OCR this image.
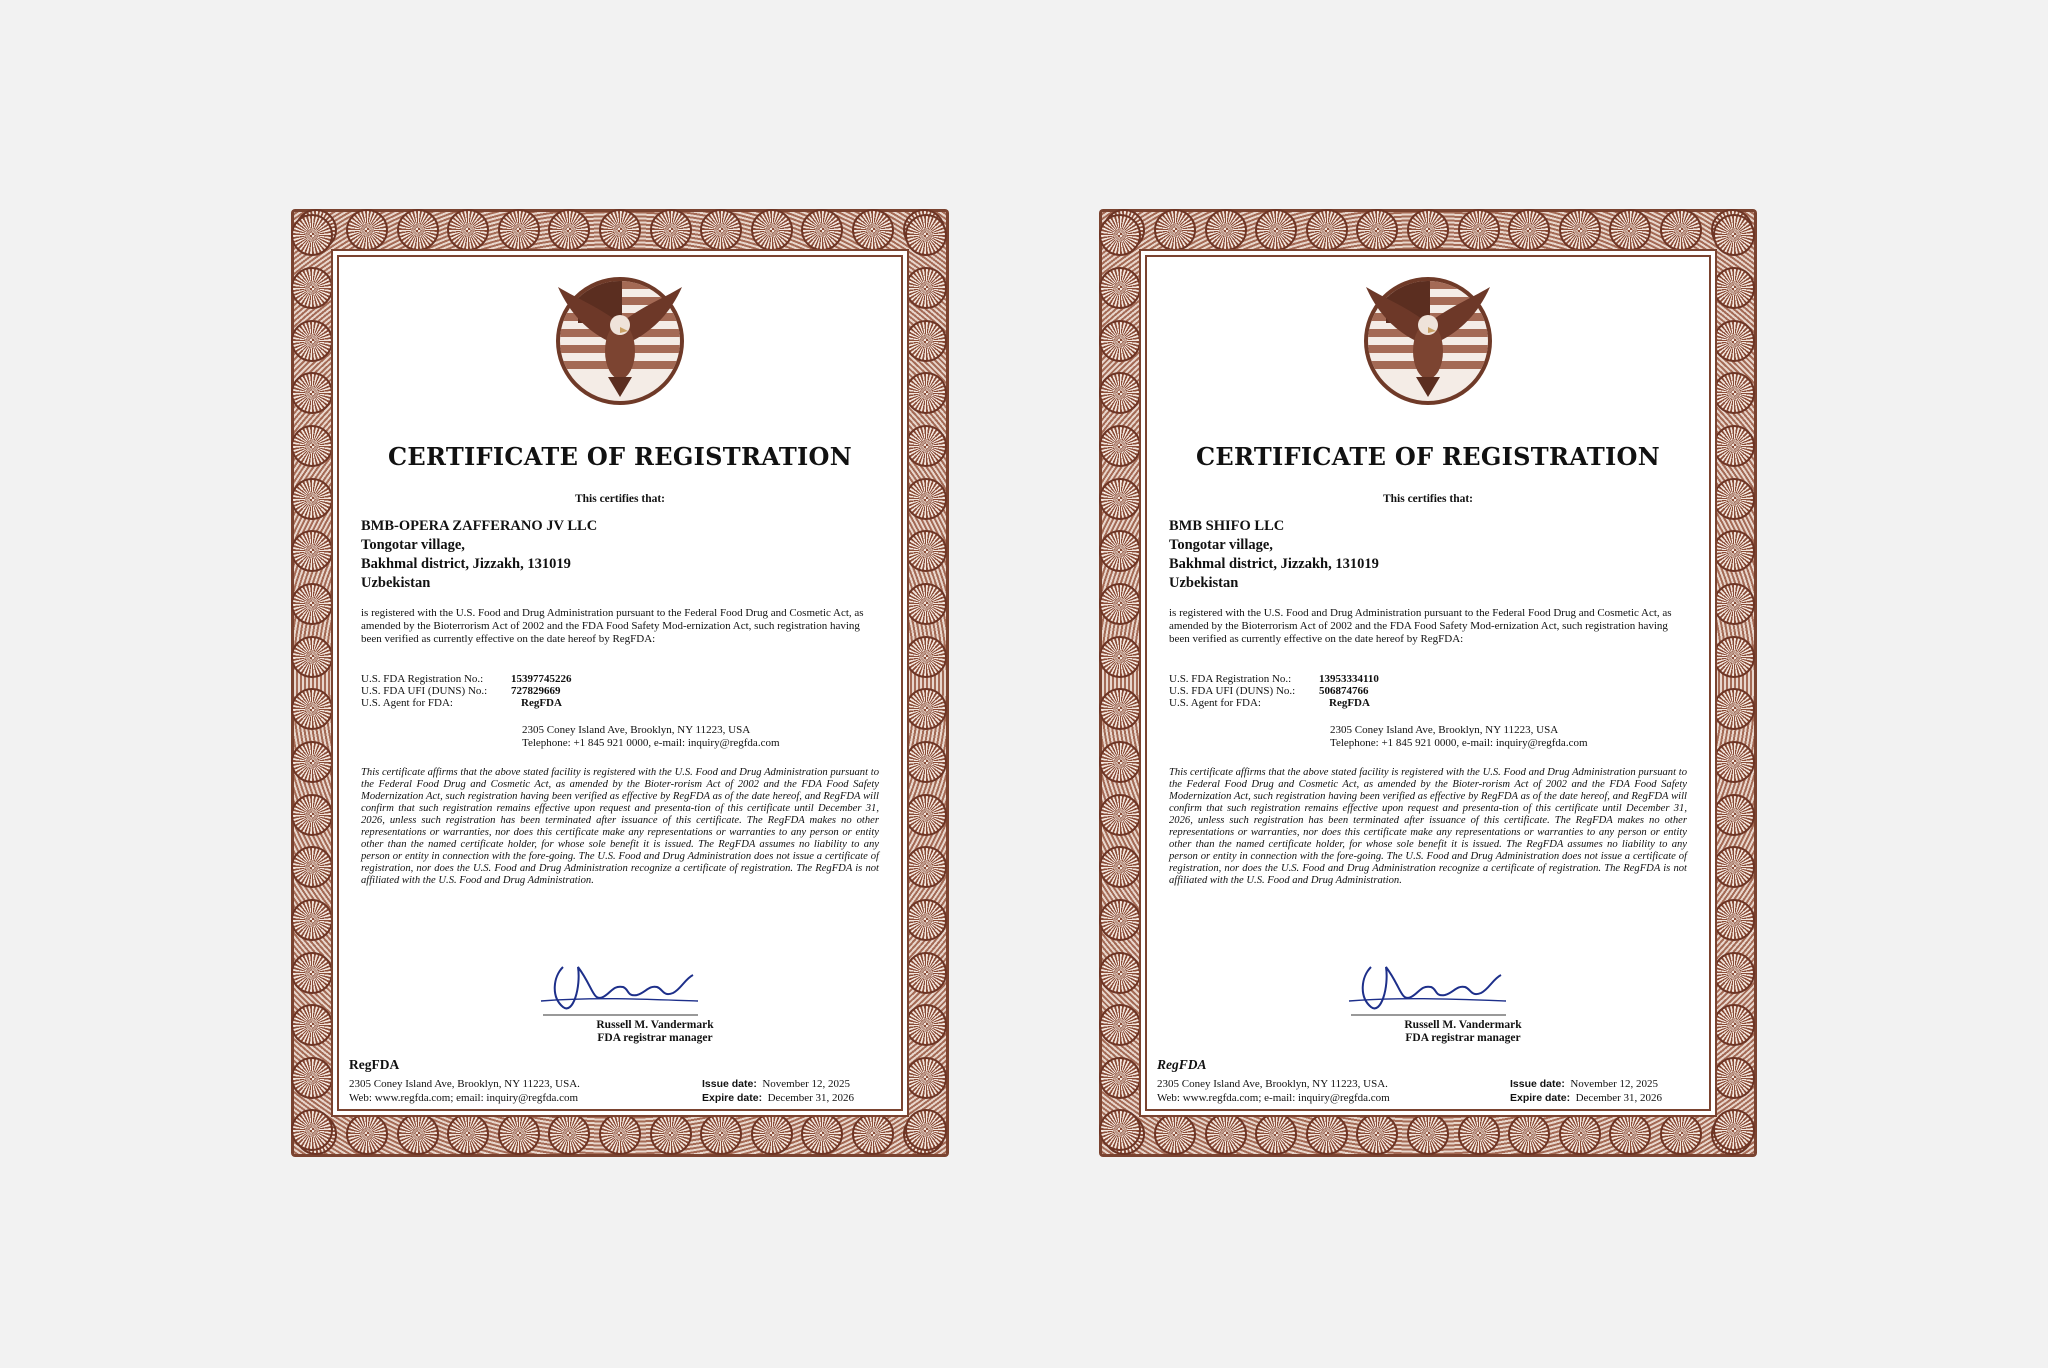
CERTIFICATE OF REGISTRATION
This certifies that:
BMB-OPERA ZAFFERANO JV LLC
Tongotar village,
Bakhmal district, Jizzakh, 131019
Uzbekistan
is registered with the U.S. Food and Drug Administration pursuant to the Federal Food Drug and Cosmetic Act, as amended by the Bioterrorism Act of 2002 and the FDA Food Safety Mod-ernization Act, such registration having been verified as currently effective on the date hereof by RegFDA:
U.S. FDA Registration No.:	15397745226
U.S. FDA UFI (DUNS) No.:	727829669
U.S. Agent for FDA:	RegFDA
2305 Coney Island Ave, Brooklyn, NY 11223, USA
Telephone: +1 845 921 0000, e-mail: inquiry@regfda.com
This certificate affirms that the above stated facility is registered with the U.S. Food and Drug Administration pursuant to the Federal Food Drug and Cosmetic Act, as amended by the Bioter-rorism Act of 2002 and the FDA Food Safety Modernization Act, such registration having been verified as effective by RegFDA as of the date hereof, and RegFDA will confirm that such registration remains effective upon request and presenta-tion of this certificate until December 31, 2026, unless such registration has been terminated after issuance of this certificate. The RegFDA makes no other representations or warranties, nor does this certificate make any representations or warranties to any person or entity other than the named certificate holder, for whose sole benefit it is issued. The RegFDA assumes no liability to any person or entity in connection with the fore-going. The U.S. Food and Drug Administration does not issue a certificate of registration, nor does the U.S. Food and Drug Administration recognize a certificate of registration. The RegFDA is not affiliated with the U.S. Food and Drug Administration.
Russell M. Vandermark
FDA registrar manager
RegFDA
2305 Coney Island Ave, Brooklyn, NY 11223, USA.
Web: www.regfda.com; email: inquiry@regfda.com
Issue date: November 12, 2025
Expire date: December 31, 2026
CERTIFICATE OF REGISTRATION
This certifies that:
BMB SHIFO LLC
Tongotar village,
Bakhmal district, Jizzakh, 131019
Uzbekistan
is registered with the U.S. Food and Drug Administration pursuant to the Federal Food Drug and Cosmetic Act, as amended by the Bioterrorism Act of 2002 and the FDA Food Safety Mod-ernization Act, such registration having been verified as currently effective on the date hereof by RegFDA:
U.S. FDA Registration No.:	13953334110
U.S. FDA UFI (DUNS) No.:	506874766
U.S. Agent for FDA:	RegFDA
2305 Coney Island Ave, Brooklyn, NY 11223, USA
Telephone: +1 845 921 0000, e-mail: inquiry@regfda.com
This certificate affirms that the above stated facility is registered with the U.S. Food and Drug Administration pursuant to the Federal Food Drug and Cosmetic Act, as amended by the Bioter-rorism Act of 2002 and the FDA Food Safety Modernization Act, such registration having been verified as effective by RegFDA as of the date hereof, and RegFDA will confirm that such registration remains effective upon request and presenta-tion of this certificate until December 31, 2026, unless such registration has been terminated after issuance of this certificate. The RegFDA makes no other representations or warranties, nor does this certificate make any representations or warranties to any person or entity other than the named certificate holder, for whose sole benefit it is issued. The RegFDA assumes no liability to any person or entity in connection with the fore-going. The U.S. Food and Drug Administration does not issue a certificate of registration, nor does the U.S. Food and Drug Administration recognize a certificate of registration. The RegFDA is not affiliated with the U.S. Food and Drug Administration.
Russell M. Vandermark
FDA registrar manager
RegFDA
2305 Coney Island Ave, Brooklyn, NY 11223, USA.
Web: www.regfda.com; e-mail: inquiry@regfda.com
Issue date: November 12, 2025
Expire date: December 31, 2026
